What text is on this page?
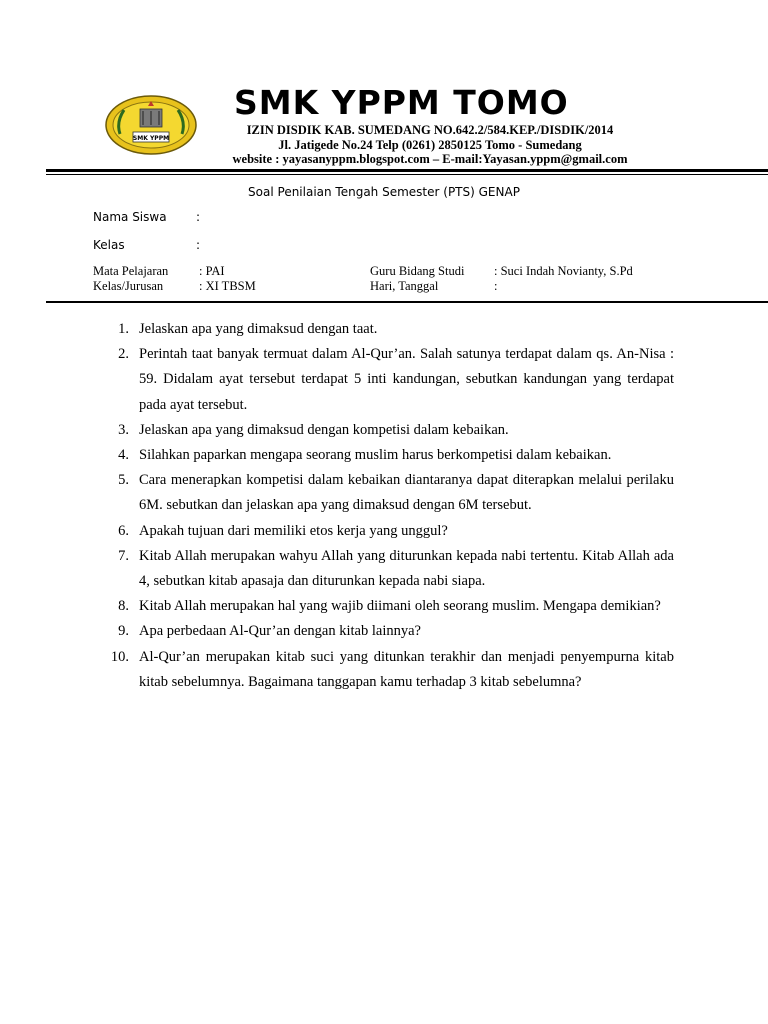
SMK YPPM
SMK YPPM TOMO
IZIN DISDIK KAB. SUMEDANG NO.642.2/584.KEP./DISDIK/2014
Jl. Jatigede No.24 Telp (0261) 2850125 Tomo - Sumedang
website : yayasanyppm.blogspot.com – E-mail:Yayasan.yppm@gmail.com
Soal Penilaian Tengah Semester (PTS) GENAP
Nama Siswa :
Kelas	:
Mata Pelajaran : PAI	Guru Bidang Studi : Suci Indah Novianty, S.Pd
Kelas/Jurusan	: XI TBSM	Hari, Tanggal	:
1. Jelaskan apa yang dimaksud dengan taat.
2. Perintah taat banyak termuat dalam Al-Qur’an. Salah satunya terdapat dalam qs. An-Nisa : 59. Didalam ayat tersebut terdapat 5 inti kandungan, sebutkan kandungan yang terdapat pada ayat tersebut.
3. Jelaskan apa yang dimaksud dengan kompetisi dalam kebaikan.
4. Silahkan paparkan mengapa seorang muslim harus berkompetisi dalam kebaikan.
5. Cara menerapkan kompetisi dalam kebaikan diantaranya dapat diterapkan melalui perilaku 6M. sebutkan dan jelaskan apa yang dimaksud dengan 6M tersebut.
6. Apakah tujuan dari memiliki etos kerja yang unggul?
7. Kitab Allah merupakan wahyu Allah yang diturunkan kepada nabi tertentu. Kitab Allah ada 4, sebutkan kitab apasaja dan diturunkan kepada nabi siapa.
8. Kitab Allah merupakan hal yang wajib diimani oleh seorang muslim. Mengapa demikian?
9. Apa perbedaan Al-Qur’an dengan kitab lainnya?
10. Al-Qur’an merupakan kitab suci yang ditunkan terakhir dan menjadi penyempurna kitab kitab sebelumnya. Bagaimana tanggapan kamu terhadap 3 kitab sebelumna?
